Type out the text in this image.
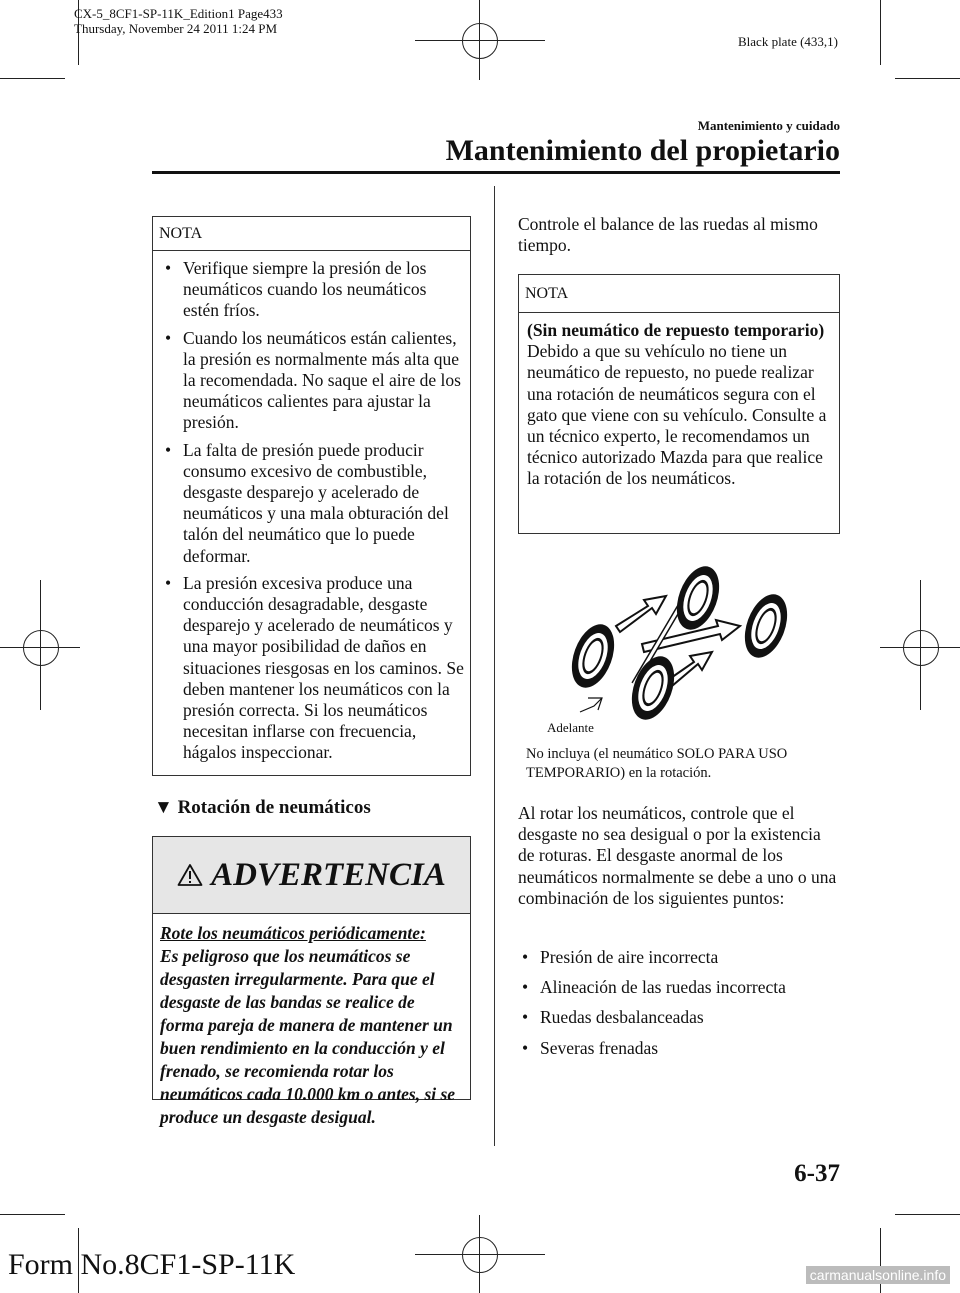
CX-5_8CF1-SP-11K_Edition1 Page433
Thursday, November 24 2011 1:24 PM
Black plate (433,1)
Mantenimiento y cuidado
Mantenimiento del propietario
NOTA
• Verifique siempre la presión de los neumáticos cuando los neumáticos estén fríos.
• Cuando los neumáticos están calientes, la presión es normalmente más alta que la recomendada. No saque el aire de los neumáticos calientes para ajustar la presión.
• La falta de presión puede producir consumo excesivo de combustible, desgaste desparejo y acelerado de neumáticos y una mala obturación del talón del neumático que lo puede deformar.
• La presión excesiva produce una conducción desagradable, desgaste desparejo y acelerado de neumáticos y una mayor posibilidad de daños en situaciones riesgosas en los caminos. Se deben mantener los neumáticos con la presión correcta. Si los neumáticos necesitan inflarse con frecuencia, hágalos inspeccionar.
▼ Rotación de neumáticos
ADVERTENCIA
Rote los neumáticos periódicamente:
Es peligroso que los neumáticos se desgasten irregularmente. Para que el desgaste de las bandas se realice de forma pareja de manera de mantener un buen rendimiento en la conducción y el frenado, se recomienda rotar los neumáticos cada 10.000 km o antes, si se produce un desgaste desigual.
Controle el balance de las ruedas al mismo tiempo.
NOTA
(Sin neumático de repuesto temporario)
Debido a que su vehículo no tiene un neumático de repuesto, no puede realizar una rotación de neumáticos segura con el gato que viene con su vehículo. Consulte a un técnico experto, le recomendamos un técnico autorizado Mazda para que realice la rotación de los neumáticos.
Adelante
No incluya (el neumático SOLO PARA USO TEMPORARIO) en la rotación.
Al rotar los neumáticos, controle que el desgaste no sea desigual o por la existencia de roturas. El desgaste anormal de los neumáticos normalmente se debe a uno o una combinación de los siguientes puntos:
• Presión de aire incorrecta
• Alineación de las ruedas incorrecta
• Ruedas desbalanceadas
• Severas frenadas
6-37
Form No.8CF1-SP-11K	carmanualsonline.info
